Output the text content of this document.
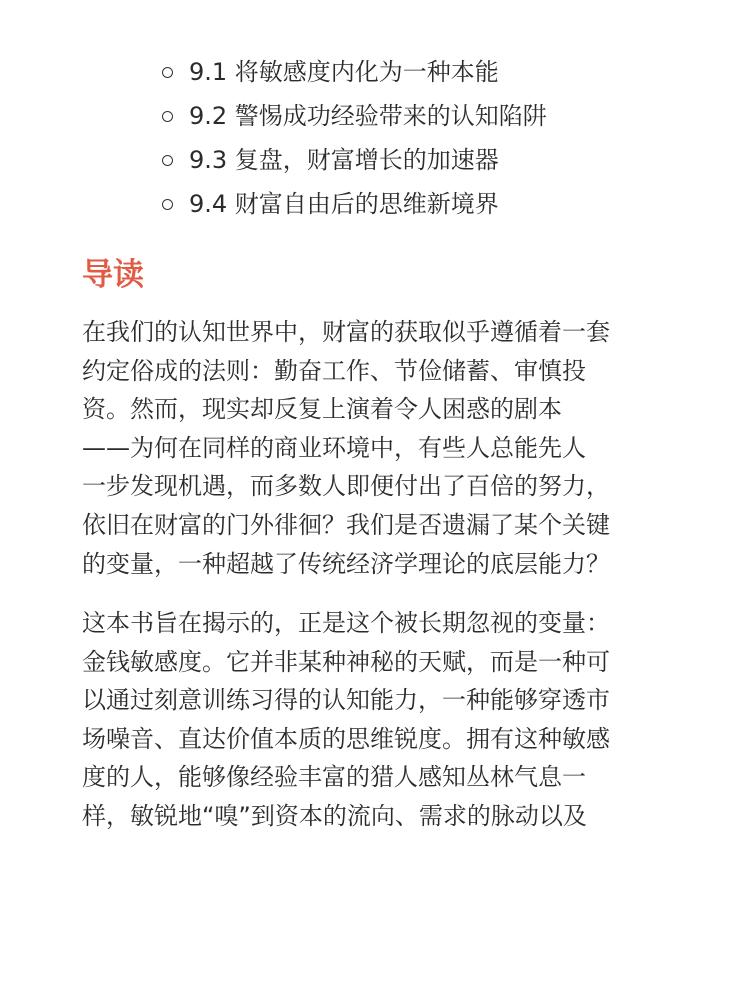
9.1 将敏感度内化为一种本能
9.2 警惕成功经验带来的认知陷阱
9.3 复盘，财富增长的加速器
9.4 财富自由后的思维新境界
导读
在我们的认知世界中，财富的获取似乎遵循着一套
约定俗成的法则：勤奋工作、节俭储蓄、审慎投
资。然而，现实却反复上演着令人困惑的剧本
——为何在同样的商业环境中，有些人总能先人
一步发现机遇，而多数人即便付出了百倍的努力，
依旧在财富的门外徘徊？我们是否遗漏了某个关键
的变量，一种超越了传统经济学理论的底层能力？
这本书旨在揭示的，正是这个被长期忽视的变量：
金钱敏感度。它并非某种神秘的天赋，而是一种可
以通过刻意训练习得的认知能力，一种能够穿透市
场噪音、直达价值本质的思维锐度。拥有这种敏感
度的人，能够像经验丰富的猎人感知丛林气息一
样，敏锐地“嗅”到资本的流向、需求的脉动以及
